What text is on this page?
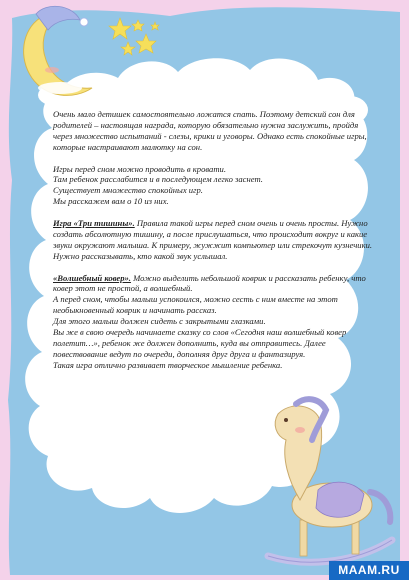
Очень мало детишек самостоятельно ложатся спать. Поэтому детский сон для родителей – настоящая награда, которую обязательно нужна заслужить, пройдя через множество испытаний - слезы, крики и уговоры. Однако есть спокойные игры, которые настраивают малютку на сон.

Игры перед сном можно проводить в кровати.
Там ребенок расслабится и в последующем легко заснет.
Существует множество спокойных игр.
Мы расскажем вам о 10 из них.

Игра «Три тишины». Правила такой игры перед сном очень и очень просты. Нужно создать абсолютную тишину, а после прислушаться, что происходит вокруг и какие звуки окружают малыша. К примеру, жужжит компьютер или стрекочут кузнечики. Нужно рассказывать, кто какой звук услышал.

«Волшебный ковер». Можно выделить небольшой коврик и рассказать ребенку, что ковер этот не простой, а волшебный.
А перед сном, чтобы малыш успокоился, можно сесть с ним вместе на этот необыкновенный коврик и начинать рассказ.
Для этого малыш должен сидеть с закрытыми глазками.
Вы же в свою очередь начинаете сказку со слов «Сегодня наш волшебный ковер полетит…», ребенок же должен дополнить, куда вы отправитесь. Далее повествование ведут по очереди, дополняя друг друга и фантазируя.
Такая игра отлично развивает творческое мышление ребенка.

MAAM.RU
